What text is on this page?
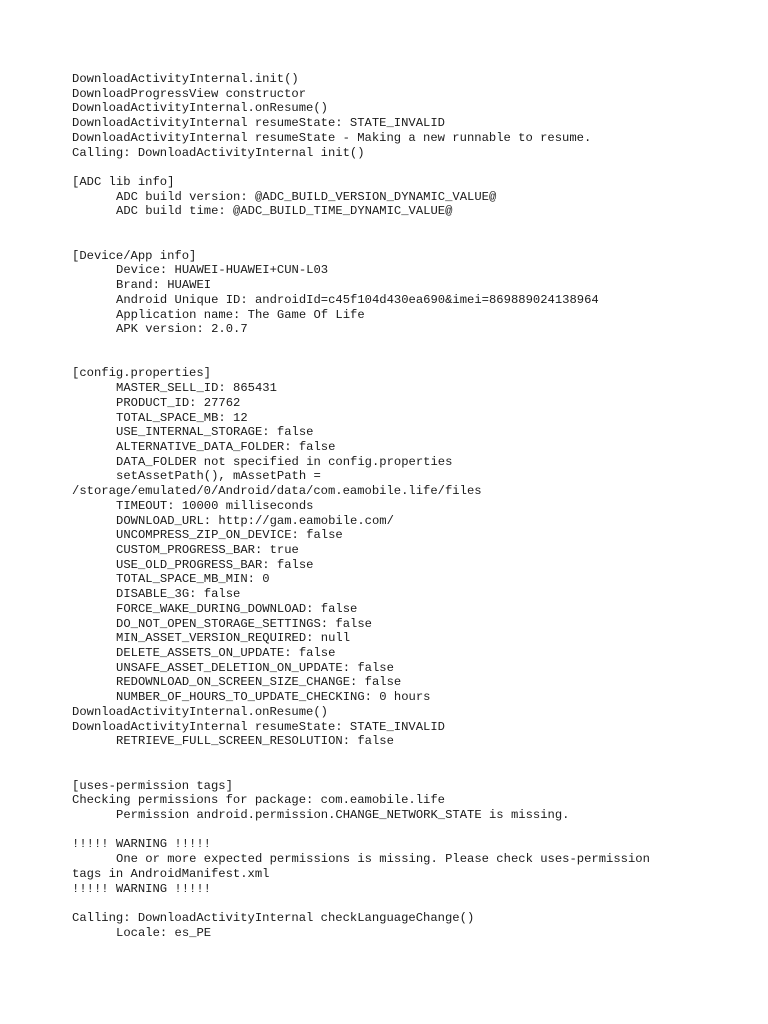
DownloadActivityInternal.init()
DownloadProgressView constructor
DownloadActivityInternal.onResume()
DownloadActivityInternal resumeState: STATE_INVALID
DownloadActivityInternal resumeState - Making a new runnable to resume.
Calling: DownloadActivityInternal init()
[ADC lib info]
ADC build version: @ADC_BUILD_VERSION_DYNAMIC_VALUE@
ADC build time: @ADC_BUILD_TIME_DYNAMIC_VALUE@
[Device/App info]
Device: HUAWEI-HUAWEI+CUN-L03
Brand: HUAWEI
Android Unique ID: androidId=c45f104d430ea690&imei=869889024138964
Application name: The Game Of Life
APK version: 2.0.7
[config.properties]
MASTER_SELL_ID: 865431
PRODUCT_ID: 27762
TOTAL_SPACE_MB: 12
USE_INTERNAL_STORAGE: false
ALTERNATIVE_DATA_FOLDER: false
DATA_FOLDER not specified in config.properties
setAssetPath(), mAssetPath =
/storage/emulated/0/Android/data/com.eamobile.life/files
TIMEOUT: 10000 milliseconds
DOWNLOAD_URL: http://gam.eamobile.com/
UNCOMPRESS_ZIP_ON_DEVICE: false
CUSTOM_PROGRESS_BAR: true
USE_OLD_PROGRESS_BAR: false
TOTAL_SPACE_MB_MIN: 0
DISABLE_3G: false
FORCE_WAKE_DURING_DOWNLOAD: false
DO_NOT_OPEN_STORAGE_SETTINGS: false
MIN_ASSET_VERSION_REQUIRED: null
DELETE_ASSETS_ON_UPDATE: false
UNSAFE_ASSET_DELETION_ON_UPDATE: false
REDOWNLOAD_ON_SCREEN_SIZE_CHANGE: false
NUMBER_OF_HOURS_TO_UPDATE_CHECKING: 0 hours
DownloadActivityInternal.onResume()
DownloadActivityInternal resumeState: STATE_INVALID
RETRIEVE_FULL_SCREEN_RESOLUTION: false
[uses-permission tags]
Checking permissions for package: com.eamobile.life
Permission android.permission.CHANGE_NETWORK_STATE is missing.
!!!!! WARNING !!!!!
One or more expected permissions is missing. Please check uses-permission
tags in AndroidManifest.xml
!!!!! WARNING !!!!!
Calling: DownloadActivityInternal checkLanguageChange()
Locale: es_PE
